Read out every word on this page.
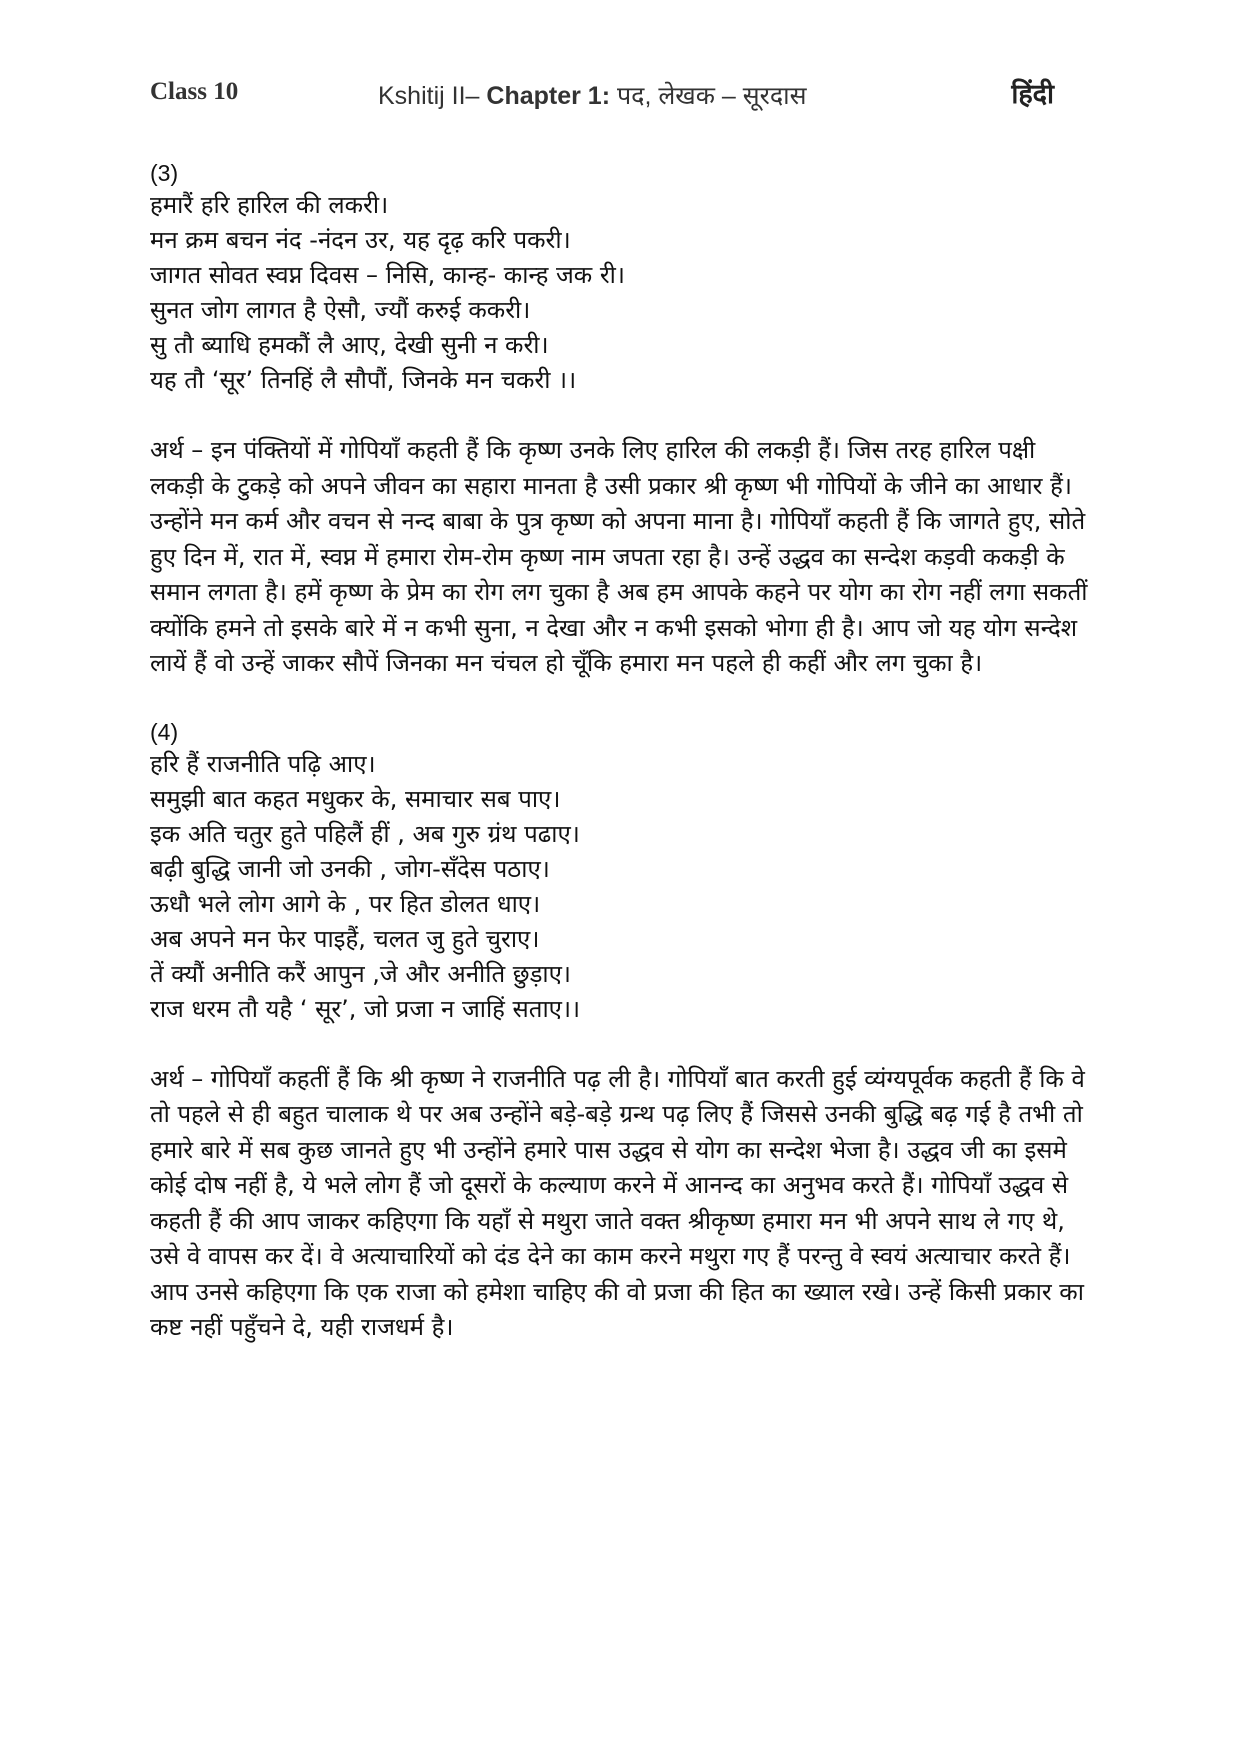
Class 10	Kshitij II– Chapter 1: पद, लेखक – सूरदास	हिंदी
(3)
हमारैं हरि हारिल की लकरी।
मन क्रम बचन नंद -नंदन उर, यह दृढ़ करि पकरी।
जागत सोवत स्वप्न दिवस – निसि, कान्ह- कान्ह जक री।
सुनत जोग लागत है ऐसौ, ज्यौं करुई ककरी।
सु तौ ब्याधि हमकौं लै आए, देखी सुनी न करी।
यह तौ ‘सूर’ तिनहिं लै सौपौं, जिनके मन चकरी ।।
अर्थ – इन पंक्तियों में गोपियाँ कहती हैं कि कृष्ण उनके लिए हारिल की लकड़ी हैं। जिस तरह हारिल पक्षी लकड़ी के टुकड़े को अपने जीवन का सहारा मानता है उसी प्रकार श्री कृष्ण भी गोपियों के जीने का आधार हैं। उन्होंने मन कर्म और वचन से नन्द बाबा के पुत्र कृष्ण को अपना माना है। गोपियाँ कहती हैं कि जागते हुए, सोते हुए दिन में, रात में, स्वप्न में हमारा रोम-रोम कृष्ण नाम जपता रहा है। उन्हें उद्धव का सन्देश कड़वी ककड़ी के समान लगता है। हमें कृष्ण के प्रेम का रोग लग चुका है अब हम आपके कहने पर योग का रोग नहीं लगा सकतीं क्योंकि हमने तो इसके बारे में न कभी सुना, न देखा और न कभी इसको भोगा ही है। आप जो यह योग सन्देश लायें हैं वो उन्हें जाकर सौपें जिनका मन चंचल हो चूँकि हमारा मन पहले ही कहीं और लग चुका है।
(4)
हरि हैं राजनीति पढ़ि आए।
समुझी बात कहत मधुकर के, समाचार सब पाए।
इक अति चतुर हुते पहिलैं हीं , अब गुरु ग्रंथ पढाए।
बढ़ी बुद्धि जानी जो उनकी , जोग-सँदेस पठाए।
ऊधौ भले लोग आगे के , पर हित डोलत धाए।
अब अपने मन फेर पाइहैं, चलत जु हुते चुराए।
तें क्यौं अनीति करैं आपुन ,जे और अनीति छुड़ाए।
राज धरम तौ यहै ‘ सूर’, जो प्रजा न जाहिं सताए।।
अर्थ – गोपियाँ कहतीं हैं कि श्री कृष्ण ने राजनीति पढ़ ली है। गोपियाँ बात करती हुई व्यंग्यपूर्वक कहती हैं कि वे तो पहले से ही बहुत चालाक थे पर अब उन्होंने बड़े-बड़े ग्रन्थ पढ़ लिए हैं जिससे उनकी बुद्धि बढ़ गई है तभी तो हमारे बारे में सब कुछ जानते हुए भी उन्होंने हमारे पास उद्धव से योग का सन्देश भेजा है। उद्धव जी का इसमे कोई दोष नहीं है, ये भले लोग हैं जो दूसरों के कल्याण करने में आनन्द का अनुभव करते हैं। गोपियाँ उद्धव से कहती हैं की आप जाकर कहिएगा कि यहाँ से मथुरा जाते वक्त श्रीकृष्ण हमारा मन भी अपने साथ ले गए थे, उसे वे वापस कर दें। वे अत्याचारियों को दंड देने का काम करने मथुरा गए हैं परन्तु वे स्वयं अत्याचार करते हैं। आप उनसे कहिएगा कि एक राजा को हमेशा चाहिए की वो प्रजा की हित का ख्याल रखे। उन्हें किसी प्रकार का कष्ट नहीं पहुँचने दे, यही राजधर्म है।
